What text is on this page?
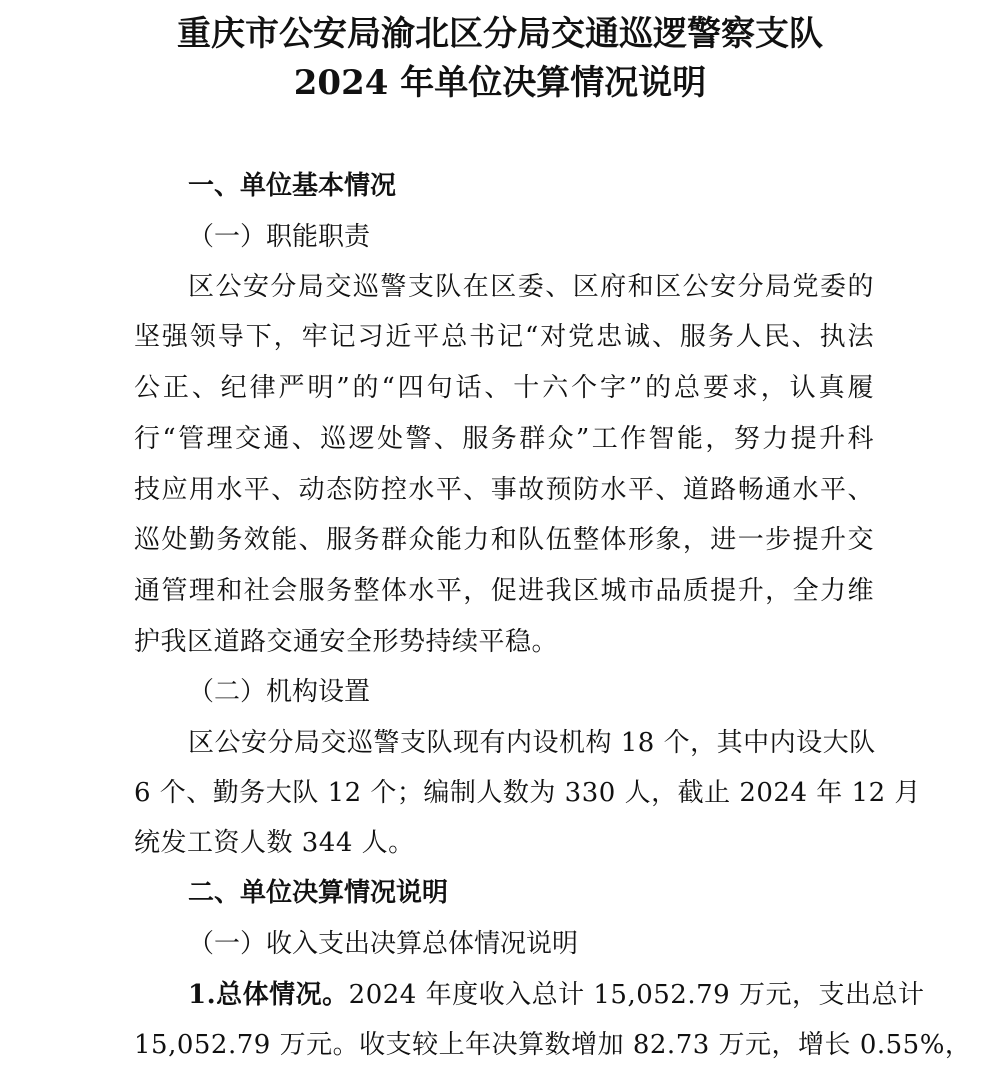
重庆市公安局渝北区分局交通巡逻警察支队
2024 年单位决算情况说明
一、单位基本情况
（一）职能职责
区公安分局交巡警支队在区委、区府和区公安分局党委的
坚强领导下，牢记习近平总书记“对党忠诚、服务人民、执法
公正、纪律严明”的“四句话、十六个字”的总要求，认真履
行“管理交通、巡逻处警、服务群众”工作智能，努力提升科
技应用水平、动态防控水平、事故预防水平、道路畅通水平、
巡处勤务效能、服务群众能力和队伍整体形象，进一步提升交
通管理和社会服务整体水平，促进我区城市品质提升，全力维
护我区道路交通安全形势持续平稳。
（二）机构设置
区公安分局交巡警支队现有内设机构 18 个，其中内设大队
6 个、勤务大队 12 个；编制人数为 330 人，截止 2024 年 12 月
统发工资人数 344 人。
二、单位决算情况说明
（一）收入支出决算总体情况说明
1.总体情况。2024 年度收入总计 15,052.79 万元，支出总计
15,052.79 万元。收支较上年决算数增加 82.73 万元，增长 0.55%，
